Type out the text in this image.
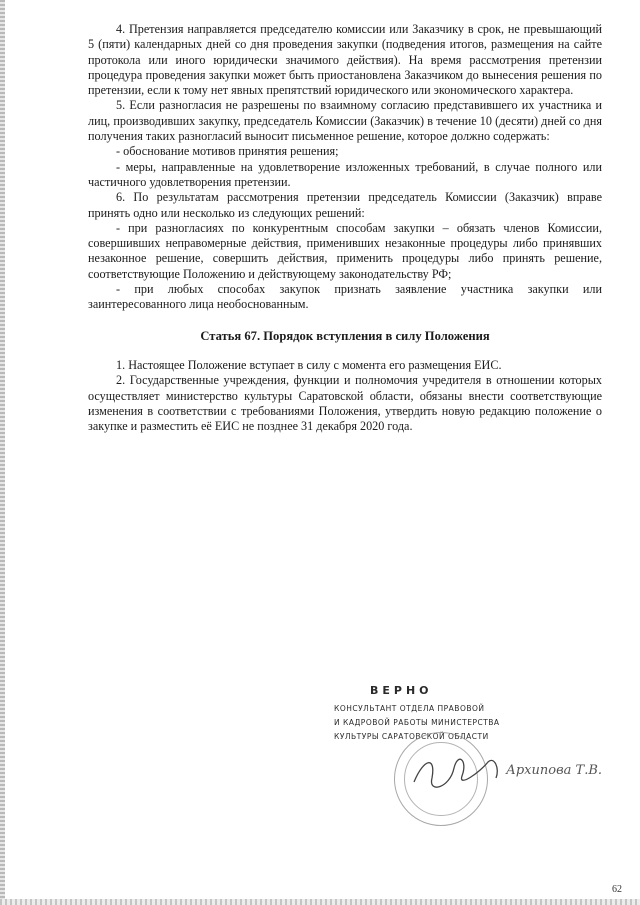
4. Претензия направляется председателю комиссии или Заказчику в срок, не превышающий 5 (пяти) календарных дней со дня проведения закупки (подведения итогов, размещения на сайте протокола или иного юридически значимого действия). На время рассмотрения претензии процедура проведения закупки может быть приостановлена Заказчиком до вынесения решения по претензии, если к тому нет явных препятствий юридического или экономического характера.

5. Если разногласия не разрешены по взаимному согласию представившего их участника и лиц, производивших закупку, председатель Комиссии (Заказчик) в течение 10 (десяти) дней со дня получения таких разногласий выносит письменное решение, которое должно содержать:

- обоснование мотивов принятия решения;

- меры, направленные на удовлетворение изложенных требований, в случае полного или частичного удовлетворения претензии.

6. По результатам рассмотрения претензии председатель Комиссии (Заказчик) вправе принять одно или несколько из следующих решений:

- при разногласиях по конкурентным способам закупки – обязать членов Комиссии, совершивших неправомерные действия, применивших незаконные процедуры либо принявших незаконное решение, совершить действия, применить процедуры либо принять решение, соответствующие Положению и действующему законодательству РФ;

- при любых способах закупок признать заявление участника закупки или заинтересованного лица необоснованным.

Статья 67. Порядок вступления в силу Положения

1. Настоящее Положение вступает в силу с момента его размещения ЕИС.

2. Государственные учреждения, функции и полномочия учредителя в отношении которых осуществляет министерство культуры Саратовской области, обязаны внести соответствующие изменения в соответствии с требованиями Положения, утвердить новую редакцию положение о закупке и разместить её ЕИС не позднее 31 декабря 2020 года.

ВЕРНО
КОНСУЛЬТАНТ ОТДЕЛА ПРАВОВОЙ
И КАДРОВОЙ РАБОТЫ МИНИСТЕРСТВА
КУЛЬТУРЫ САРАТОВСКОЙ ОБЛАСТИ
Архипова Т.В.
62
